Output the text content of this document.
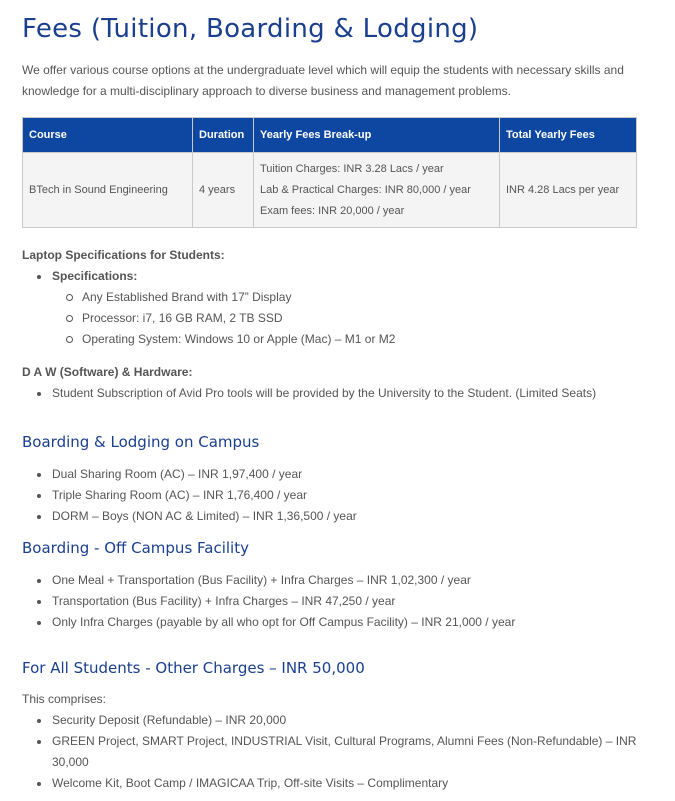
Fees (Tuition, Boarding & Lodging)

We offer various course options at the undergraduate level which will equip the students with necessary skills and knowledge for a multi-disciplinary approach to diverse business and management problems.

Course	Duration	Yearly Fees Break-up	Total Yearly Fees
BTech in Sound Engineering	4 years	Tuition Charges: INR 3.28 Lacs / year
Lab & Practical Charges: INR 80,000 / year
Exam fees: INR 20,000 / year	INR 4.28 Lacs per year
Laptop Specifications for Students:
Specifications:
Any Established Brand with 17” Display
Processor: i7, 16 GB RAM, 2 TB SSD
Operating System: Windows 10 or Apple (Mac) – M1 or M2
D A W (Software) & Hardware:
Student Subscription of Avid Pro tools will be provided by the University to the Student. (Limited Seats)
Boarding & Lodging on Campus
Dual Sharing Room (AC) – INR 1,97,400 / year
Triple Sharing Room (AC) – INR 1,76,400 / year
DORM – Boys (NON AC & Limited) – INR 1,36,500 / year
Boarding - Off Campus Facility
One Meal + Transportation (Bus Facility) + Infra Charges – INR 1,02,300 / year
Transportation (Bus Facility) + Infra Charges – INR 47,250 / year
Only Infra Charges (payable by all who opt for Off Campus Facility) – INR 21,000 / year
For All Students - Other Charges – INR 50,000
This comprises:
Security Deposit (Refundable) – INR 20,000
GREEN Project, SMART Project, INDUSTRIAL Visit, Cultural Programs, Alumni Fees (Non-Refundable) – INR 30,000
Welcome Kit, Boot Camp / IMAGICAA Trip, Off-site Visits – Complimentary
